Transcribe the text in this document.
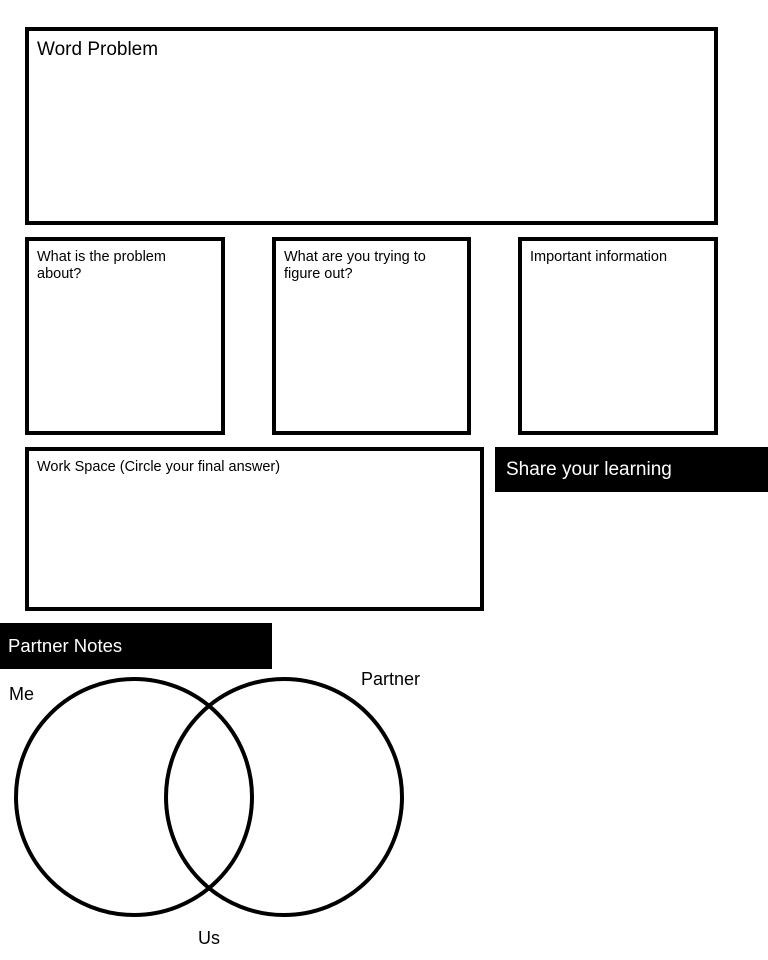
Word Problem
What is the problem about?
What are you trying to figure out?
Important information
Work Space (Circle your final answer)	Share your learning
Partner Notes
Me
Partner
Us
